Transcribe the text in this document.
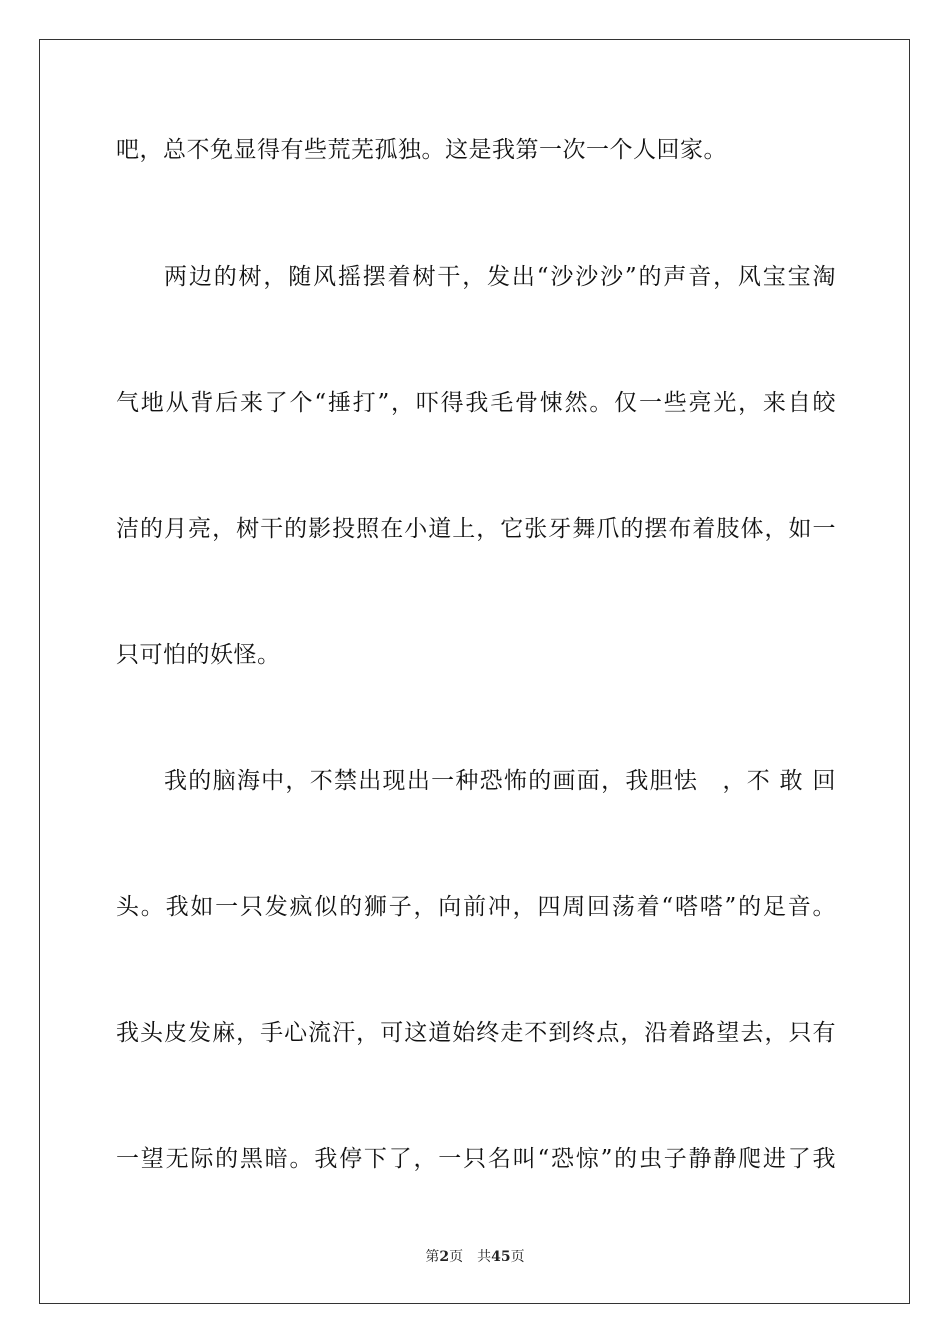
吧，总不免显得有些荒芜孤独。这是我第一次一个人回家。
两边的树，随风摇摆着树干，发出“沙沙沙”的声音，风宝宝淘
气地从背后来了个“捶打”，吓得我毛骨悚然。仅一些亮光，来自皎
洁的月亮，树干的影投照在小道上，它张牙舞爪的摆布着肢体，如一
只可怕的妖怪。
我的脑海中，不禁出现出一种恐怖的画面，我胆怯　，不 敢 回
头。我如一只发疯似的狮子，向前冲，四周回荡着“嗒嗒”的足音。
我头皮发麻，手心流汗，可这道始终走不到终点，沿着路望去，只有
一望无际的黑暗。我停下了，一只名叫“恐惊”的虫子静静爬进了我
第2页 共45页
